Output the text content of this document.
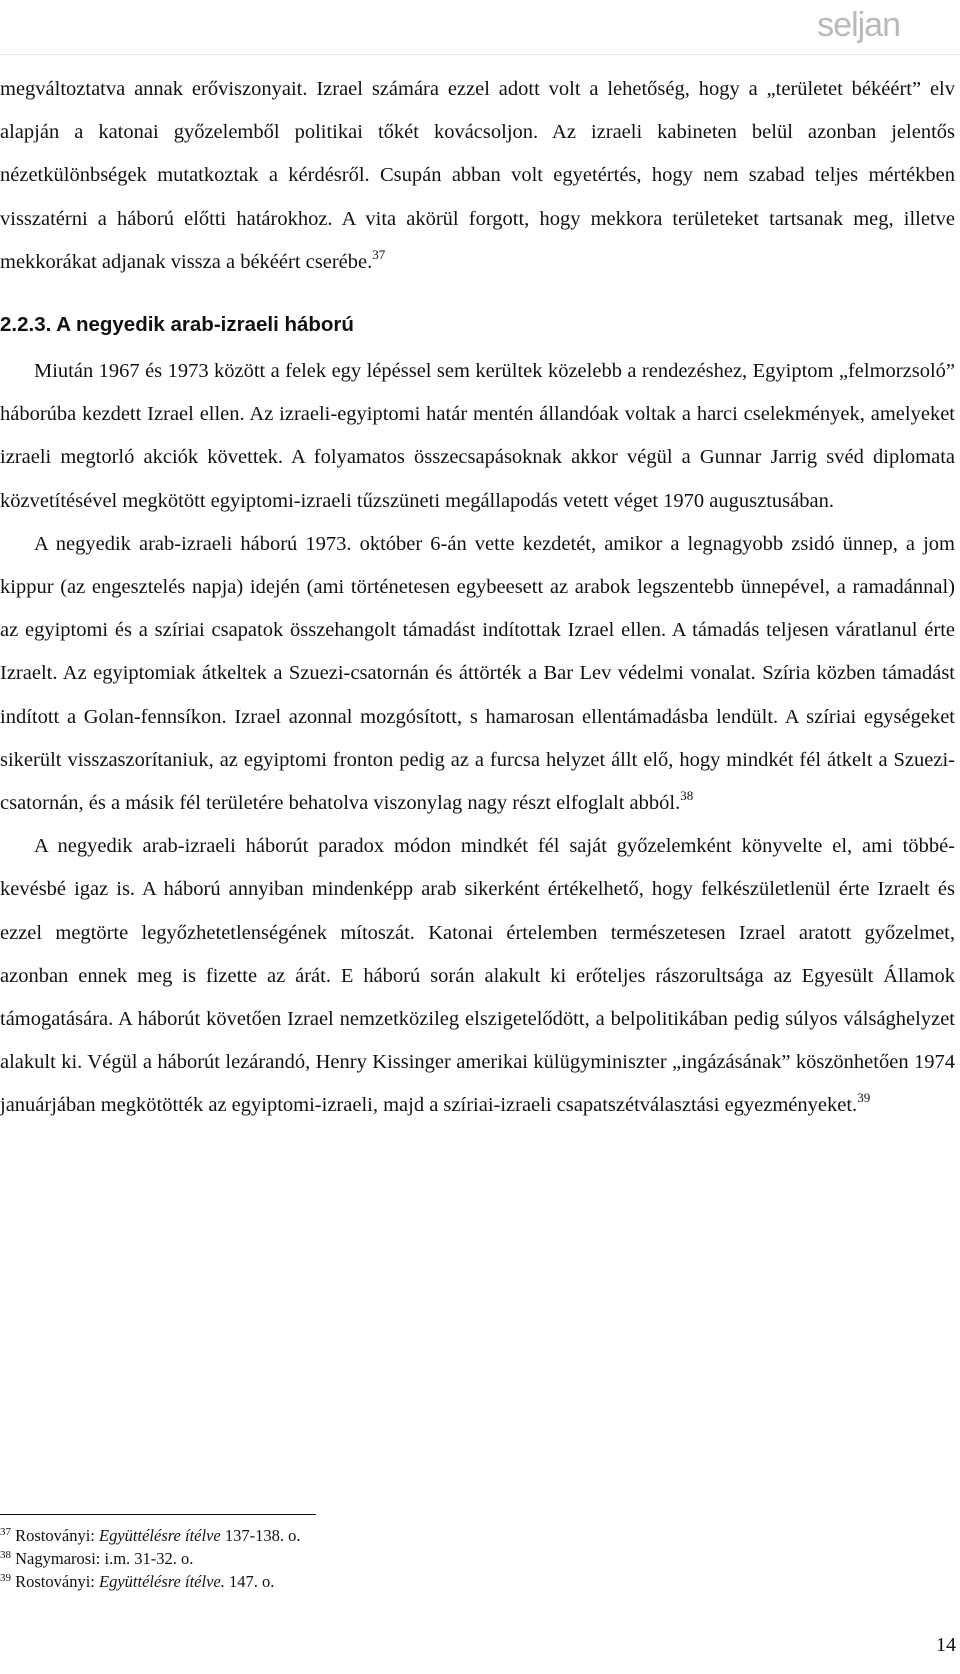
seljan

megváltoztatva annak erőviszonyait. Izrael számára ezzel adott volt a lehetőség, hogy a „területet békéért” elv alapján a katonai győzelemből politikai tőkét kovácsoljon. Az izraeli kabineten belül azonban jelentős nézetkülönbségek mutatkoztak a kérdésről. Csupán abban volt egyetértés, hogy nem szabad teljes mértékben visszatérni a háború előtti határokhoz. A vita akörül forgott, hogy mekkora területeket tartsanak meg, illetve mekkorákat adjanak vissza a békéért cserébe.$^{37}$

2.2.3. A negyedik arab-izraeli háború

Miután 1967 és 1973 között a felek egy lépéssel sem kerültek közelebb a rendezéshez, Egyiptom „felmorzsoló” háborúba kezdett Izrael ellen. Az izraeli-egyiptomi határ mentén állandóak voltak a harci cselekmények, amelyeket izraeli megtorló akciók követtek. A folyamatos összecsapásoknak akkor végül a Gunnar Jarrig svéd diplomata közvetítésével megkötött egyiptomi-izraeli tűzszüneti megállapodás vetett véget 1970 augusztusában.

A negyedik arab-izraeli háború 1973. október 6-án vette kezdetét, amikor a legnagyobb zsidó ünnep, a jom kippur (az engesztelés napja) idején (ami történetesen egybeesett az arabok legszentebb ünnepével, a ramadánnal) az egyiptomi és a szíriai csapatok összehangolt támadást indítottak Izrael ellen. A támadás teljesen váratlanul érte Izraelt. Az egyiptomiak átkeltek a Szuezi-csatornán és áttörték a Bar Lev védelmi vonalat. Szíria közben támadást indított a Golan-fennsíkon. Izrael azonnal mozgósított, s hamarosan ellentámadásba lendült. A szíriai egységeket sikerült visszaszorítaniuk, az egyiptomi fronton pedig az a furcsa helyzet állt elő, hogy mindkét fél átkelt a Szuezi-csatornán, és a másik fél területére behatolva viszonylag nagy részt elfoglalt abból.$^{38}$

A negyedik arab-izraeli háborút paradox módon mindkét fél saját győzelemként könyvelte el, ami többé-kevésbé igaz is. A háború annyiban mindenképp arab sikerként értékelhető, hogy felkészületlenül érte Izraelt és ezzel megtörte legyőzhetetlenségének mítoszát. Katonai értelemben természetesen Izrael aratott győzelmet, azonban ennek meg is fizette az árát. E háború során alakult ki erőteljes rászorultsága az Egyesült Államok támogatására. A háborút követően Izrael nemzetközileg elszigetelődött, a belpolitikában pedig súlyos válsághelyzet alakult ki. Végül a háborút lezárandó, Henry Kissinger amerikai külügyminiszter „ingázásának” köszönhetően 1974 januárjában megkötötték az egyiptomi-izraeli, majd a szíriai-izraeli csapatszétválasztási egyezményeket.$^{39}$

$^{37}$ Rostoványi: Együttélésre ítélve 137-138. o.
$^{38}$ Nagymarosi: i.m. 31-32. o.
$^{39}$ Rostoványi: Együttélésre ítélve. 147. o.
14
